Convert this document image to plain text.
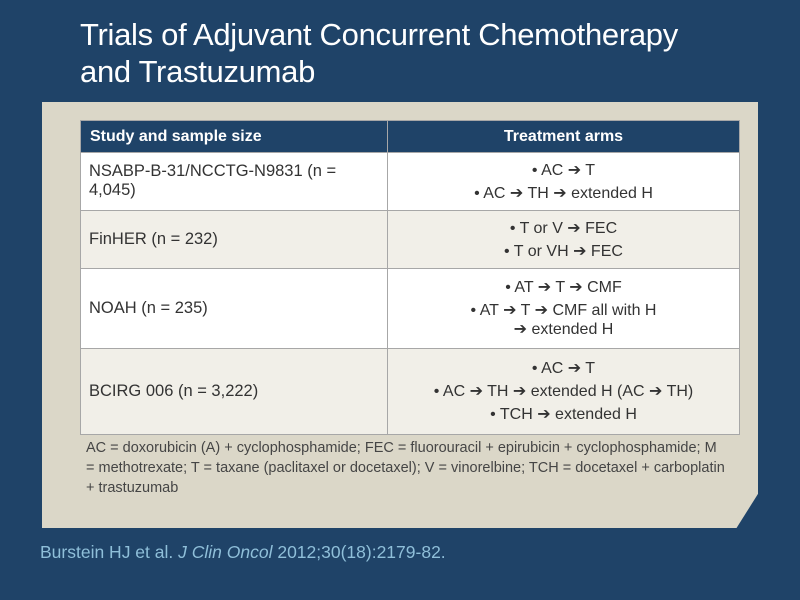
Trials of Adjuvant Concurrent Chemotherapy
and Trastuzumab
Study and sample size	Treatment arms
NSABP-B-31/NCCTG-N9831 (n = 4,045)	• AC ➔ T
• AC ➔ TH ➔ extended H

FinHER (n = 232)	• T or V ➔ FEC
• T or VH ➔ FEC

NOAH (n = 235)	• AT ➔ T ➔ CMF
• AT ➔ T ➔ CMF all with H ➔ extended H

BCIRG 006 (n = 3,222)	• AC ➔ T
• AC ➔ TH ➔ extended H (AC ➔ TH)
• TCH ➔ extended H
AC = doxorubicin (A) + cyclophosphamide; FEC = fluorouracil + epirubicin + cyclophosphamide; M = methotrexate; T = taxane (paclitaxel or docetaxel); V = vinorelbine; TCH = docetaxel + carboplatin + trastuzumab
Burstein HJ et al. J Clin Oncol 2012;30(18):2179-82.
